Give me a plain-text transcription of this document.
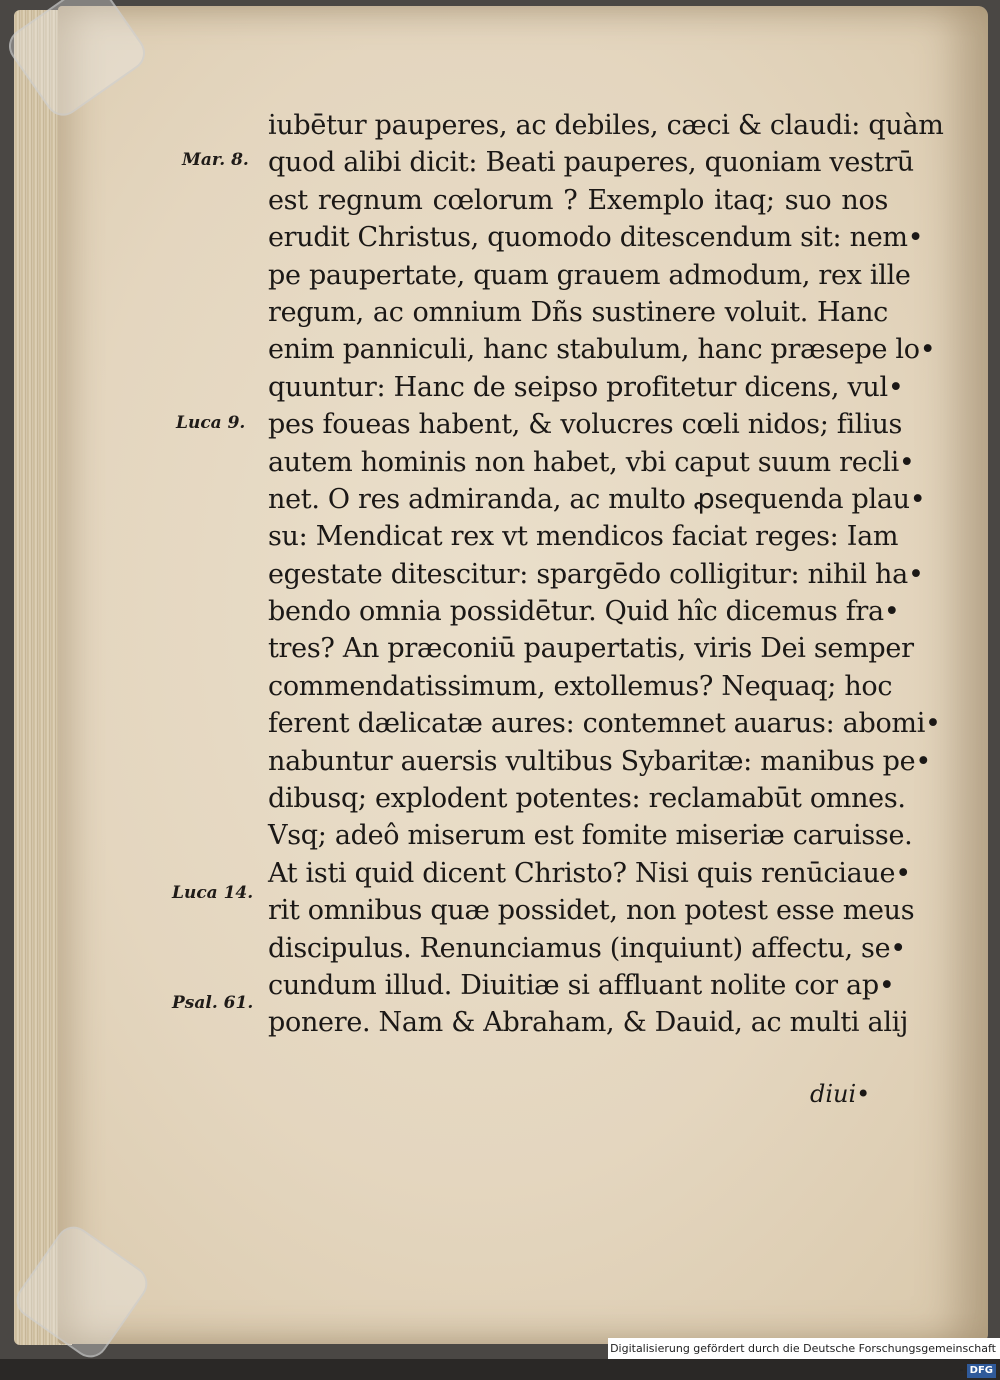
Mar. 8.
Luca 9.
Luca 14.
Psal. 61.
iubētur pauperes, ac debiles, cæci & claudi: quàm
quod alibi dicit: Beati pauperes, quoniam vestrū
est regnum cœlorum ? Exemplo itaq; suo nos
erudit Christus, quomodo ditescendum sit: nem•
pe paupertate, quam grauem admodum, rex ille
regum, ac omnium Dñs sustinere voluit. Hanc
enim panniculi, hanc stabulum, hanc præsepe lo•
quuntur: Hanc de seipso profitetur dicens, vul•
pes foueas habent, & volucres cœli nidos; filius
autem hominis non habet, vbi caput suum recli•
net. O res admiranda, ac multo ꝓsequenda plau•
su: Mendicat rex vt mendicos faciat reges: Iam
egestate ditescitur: spargēdo colligitur: nihil ha•
bendo omnia possidētur. Quid hîc dicemus fra•
tres? An præconiū paupertatis, viris Dei semper
commendatissimum, extollemus? Nequaq; hoc
ferent dælicatæ aures: contemnet auarus: abomi•
nabuntur auersis vultibus Sybaritæ: manibus pe•
dibusq; explodent potentes: reclamabūt omnes.
Vsq; adeô miserum est fomite miseriæ caruisse.
At isti quid dicent Christo? Nisi quis renūciaue•
rit omnibus quæ possidet, non potest esse meus
discipulus. Renunciamus (inquiunt) affectu, se•
cundum illud. Diuitiæ si affluant nolite cor ap•
ponere. Nam & Abraham, & Dauid, ac multi alij
diui•
Digitalisierung gefördert durch die Deutsche Forschungsgemeinschaft - DFG
